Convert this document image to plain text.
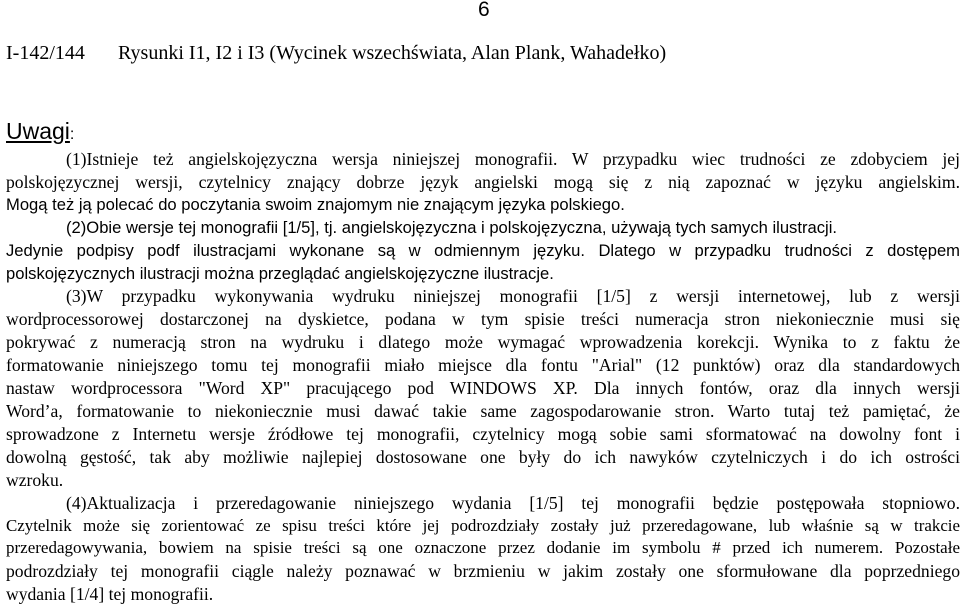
6
I-142/144 Rysunki I1, I2 i I3 (Wycinek wszechświata, Alan Plank, Wahadełko)
Uwagi:
(1)Istnieje też angielskojęzyczna wersja niniejszej monografii. W przypadku wiec trudności ze zdobyciem jej
polskojęzycznej wersji, czytelnicy znający dobrze język angielski mogą się z nią zapoznać w języku angielskim.
Mogą też ją polecać do poczytania swoim znajomym nie znającym języka polskiego.
(2)Obie wersje tej monografii [1/5], tj. angielskojęzyczna i polskojęzyczna, używają tych samych ilustracji.
Jedynie podpisy podf ilustracjami wykonane są w odmiennym języku. Dlatego w przypadku trudności z dostępem
polskojęzycznych ilustracji można przeglądać angielskojęzyczne ilustracje.
(3)W przypadku wykonywania wydruku niniejszej monografii [1/5] z wersji internetowej, lub z wersji
wordprocessorowej dostarczonej na dyskietce, podana w tym spisie treści numeracja stron niekoniecznie musi się
pokrywać z numeracją stron na wydruku i dlatego może wymagać wprowadzenia korekcji. Wynika to z faktu że
formatowanie niniejszego tomu tej monografii miało miejsce dla fontu "Arial" (12 punktów) oraz dla standardowych
nastaw wordprocessora "Word XP" pracującego pod WINDOWS XP. Dla innych fontów, oraz dla innych wersji
Word’a, formatowanie to niekoniecznie musi dawać takie same zagospodarowanie stron. Warto tutaj też pamiętać, że
sprowadzone z Internetu wersje źródłowe tej monografii, czytelnicy mogą sobie sami sformatować na dowolny font i
dowolną gęstość, tak aby możliwie najlepiej dostosowane one były do ich nawyków czytelniczych i do ich ostrości
wzroku.
(4)Aktualizacja i przeredagowanie niniejszego wydania [1/5] tej monografii będzie postępowała stopniowo.
Czytelnik może się zorientować ze spisu treści które jej podrozdziały zostały już przeredagowane, lub właśnie są w trakcie
przeredagowywania, bowiem na spisie treści są one oznaczone przez dodanie im symbolu # przed ich numerem. Pozostałe
podrozdziały tej monografii ciągle należy poznawać w brzmieniu w jakim zostały one sformułowane dla poprzedniego
wydania [1/4] tej monografii.
